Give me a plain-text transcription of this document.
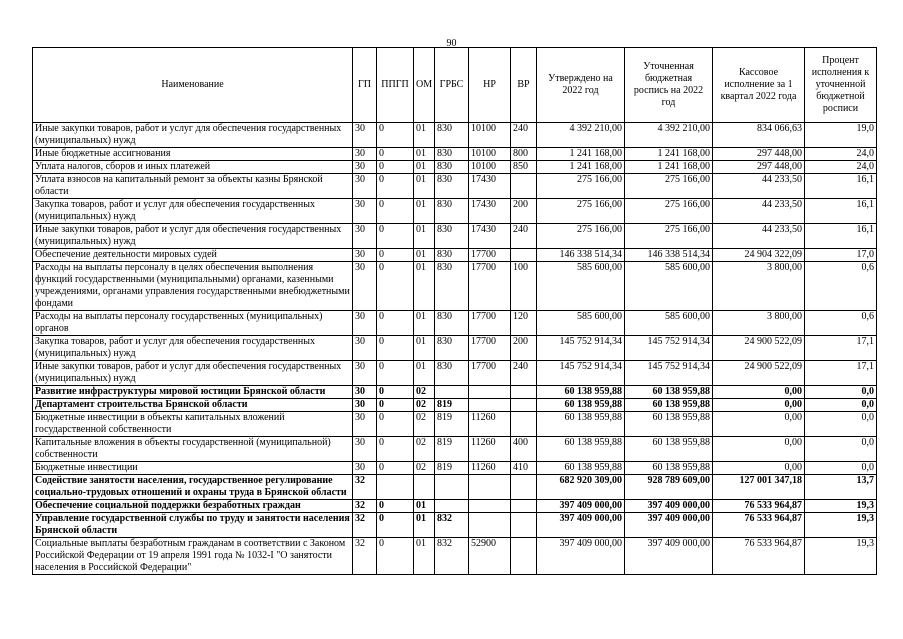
90
Наименование	ГП	ППГП	ОМ	ГРБС	НР	ВР	Утверждено на 2022 год	Уточненная бюджетная роспись на 2022 год	Кассовое исполнение за 1 квартал 2022 года	Процент исполнения к уточненной бюджетной росписи
Иные закупки товаров, работ и услуг для обеспечения государственных (муниципальных) нужд	30	0	01	830	10100	240	4 392 210,00	4 392 210,00	834 066,63	19,0
Иные бюджетные ассигнования	30	0	01	830	10100	800	1 241 168,00	1 241 168,00	297 448,00	24,0
Уплата налогов, сборов и иных платежей	30	0	01	830	10100	850	1 241 168,00	1 241 168,00	297 448,00	24,0
Уплата взносов на капитальный ремонт за объекты казны Брянской области	30	0	01	830	17430		275 166,00	275 166,00	44 233,50	16,1
Закупка товаров, работ и услуг для обеспечения государственных (муниципальных) нужд	30	0	01	830	17430	200	275 166,00	275 166,00	44 233,50	16,1
Иные закупки товаров, работ и услуг для обеспечения государственных (муниципальных) нужд	30	0	01	830	17430	240	275 166,00	275 166,00	44 233,50	16,1
Обеспечение деятельности мировых судей	30	0	01	830	17700		146 338 514,34	146 338 514,34	24 904 322,09	17,0
Расходы на выплаты персоналу в целях обеспечения выполнения функций государственными (муниципальными) органами, казенными учреждениями, органами управления государственными внебюджетными фондами	30	0	01	830	17700	100	585 600,00	585 600,00	3 800,00	0,6
Расходы на выплаты персоналу государственных (муниципальных) органов	30	0	01	830	17700	120	585 600,00	585 600,00	3 800,00	0,6
Закупка товаров, работ и услуг для обеспечения государственных (муниципальных) нужд	30	0	01	830	17700	200	145 752 914,34	145 752 914,34	24 900 522,09	17,1
Иные закупки товаров, работ и услуг для обеспечения государственных (муниципальных) нужд	30	0	01	830	17700	240	145 752 914,34	145 752 914,34	24 900 522,09	17,1
Развитие инфраструктуры мировой юстиции Брянской области	30	0	02				60 138 959,88	60 138 959,88	0,00	0,0
Департамент строительства Брянской области	30	0	02	819			60 138 959,88	60 138 959,88	0,00	0,0
Бюджетные инвестиции в объекты капитальных вложений государственной собственности	30	0	02	819	11260		60 138 959,88	60 138 959,88	0,00	0,0
Капитальные вложения в объекты государственной (муниципальной) собственности	30	0	02	819	11260	400	60 138 959,88	60 138 959,88	0,00	0,0
Бюджетные инвестиции	30	0	02	819	11260	410	60 138 959,88	60 138 959,88	0,00	0,0
Содействие занятости населения, государственное регулирование социально-трудовых отношений и охраны труда в Брянской области	32						682 920 309,00	928 789 609,00	127 001 347,18	13,7
Обеспечение социальной поддержки безработных граждан	32	0	01				397 409 000,00	397 409 000,00	76 533 964,87	19,3
Управление государственной службы по труду и занятости населения Брянской области	32	0	01	832			397 409 000,00	397 409 000,00	76 533 964,87	19,3
Социальные выплаты безработным гражданам в соответствии с Законом Российской Федерации от 19 апреля 1991 года № 1032-I "О занятости населения в Российской Федерации"	32	0	01	832	52900		397 409 000,00	397 409 000,00	76 533 964,87	19,3
